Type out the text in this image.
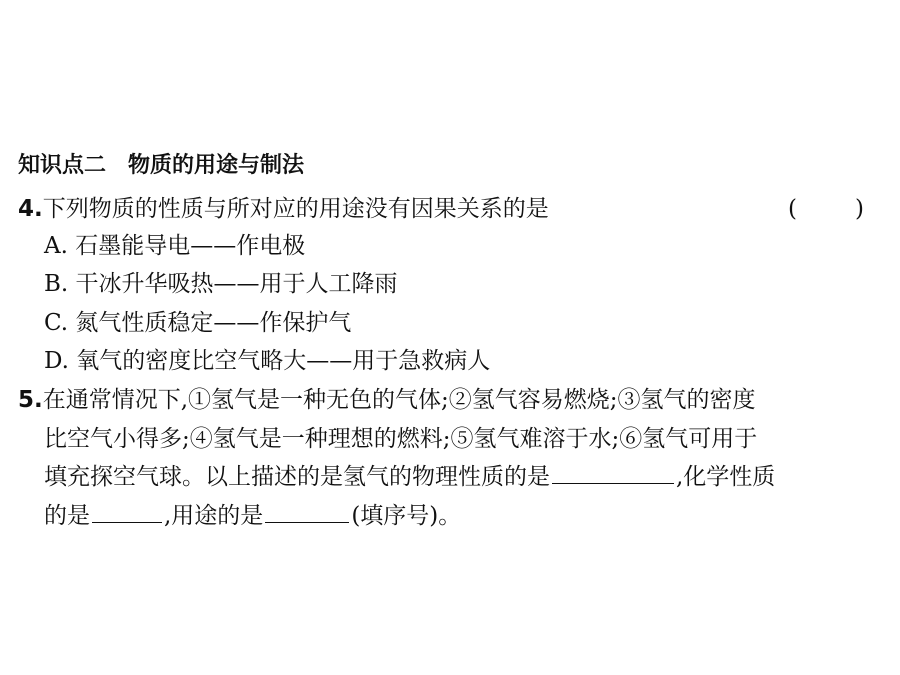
知识点二 物质的用途与制法
4.下列物质的性质与所对应的用途没有因果关系的是	(	)
A. 石墨能导电——作电极
B. 干冰升华吸热——用于人工降雨
C. 氮气性质稳定——作保护气
D. 氧气的密度比空气略大——用于急救病人
5.在通常情况下,①氢气是一种无色的气体;②氢气容易燃烧;③氢气的密度
比空气小得多;④氢气是一种理想的燃料;⑤氢气难溶于水;⑥氢气可用于
填充探空气球。以上描述的是氢气的物理性质的是	,化学性质
的是	,用途的是	(填序号)。
